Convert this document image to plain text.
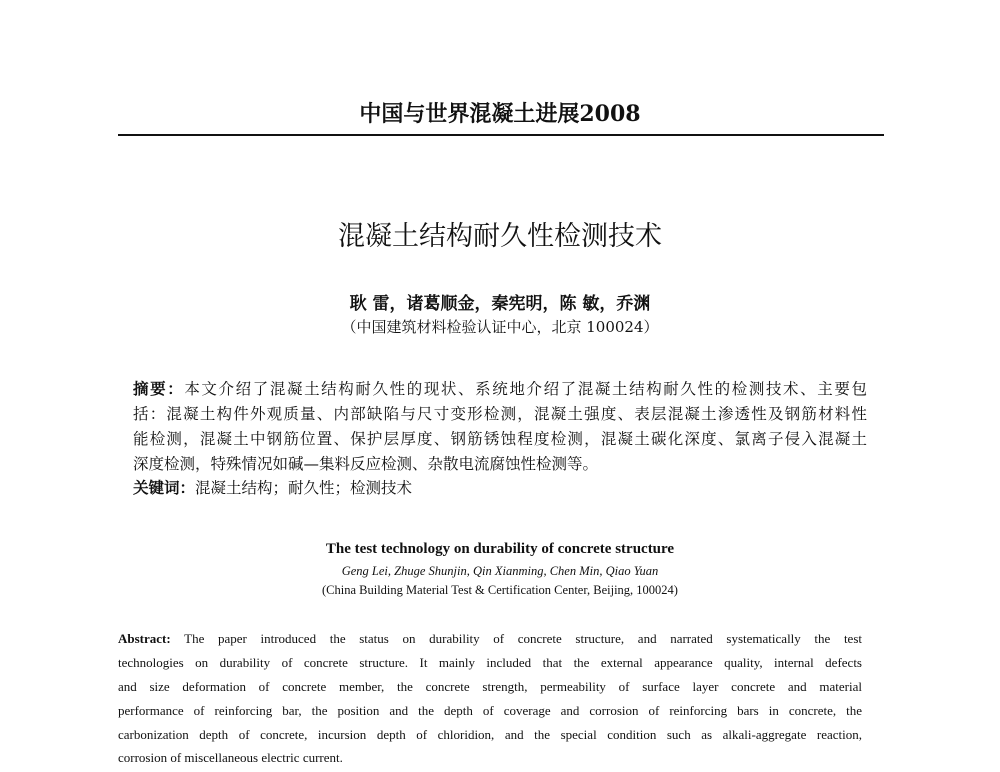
中国与世界混凝土进展2008
混凝土结构耐久性检测技术
耿 雷，诸葛顺金，秦宪明，陈 敏，乔渊
（中国建筑材料检验认证中心，北京 100024）
摘要：本文介绍了混凝土结构耐久性的现状、系统地介绍了混凝土结构耐久性的检测技术、主要包
括：混凝土构件外观质量、内部缺陷与尺寸变形检测，混凝土强度、表层混凝土渗透性及钢筋材料性
能检测，混凝土中钢筋位置、保护层厚度、钢筋锈蚀程度检测，混凝土碳化深度、氯离子侵入混凝土
深度检测，特殊情况如碱—集料反应检测、杂散电流腐蚀性检测等。
关键词：混凝土结构；耐久性；检测技术
The test technology on durability of concrete structure
Geng Lei, Zhuge Shunjin, Qin Xianming, Chen Min, Qiao Yuan
(China Building Material Test & Certification Center, Beijing, 100024)
Abstract: The paper introduced the status on durability of concrete structure, and narrated systematically the test
technologies on durability of concrete structure. It mainly included that the external appearance quality, internal defects
and size deformation of concrete member, the concrete strength, permeability of surface layer concrete and material
performance of reinforcing bar, the position and the depth of coverage and corrosion of reinforcing bars in concrete, the
carbonization depth of concrete, incursion depth of chloridion, and the special condition such as alkali-aggregate reaction,
corrosion of miscellaneous electric current.
